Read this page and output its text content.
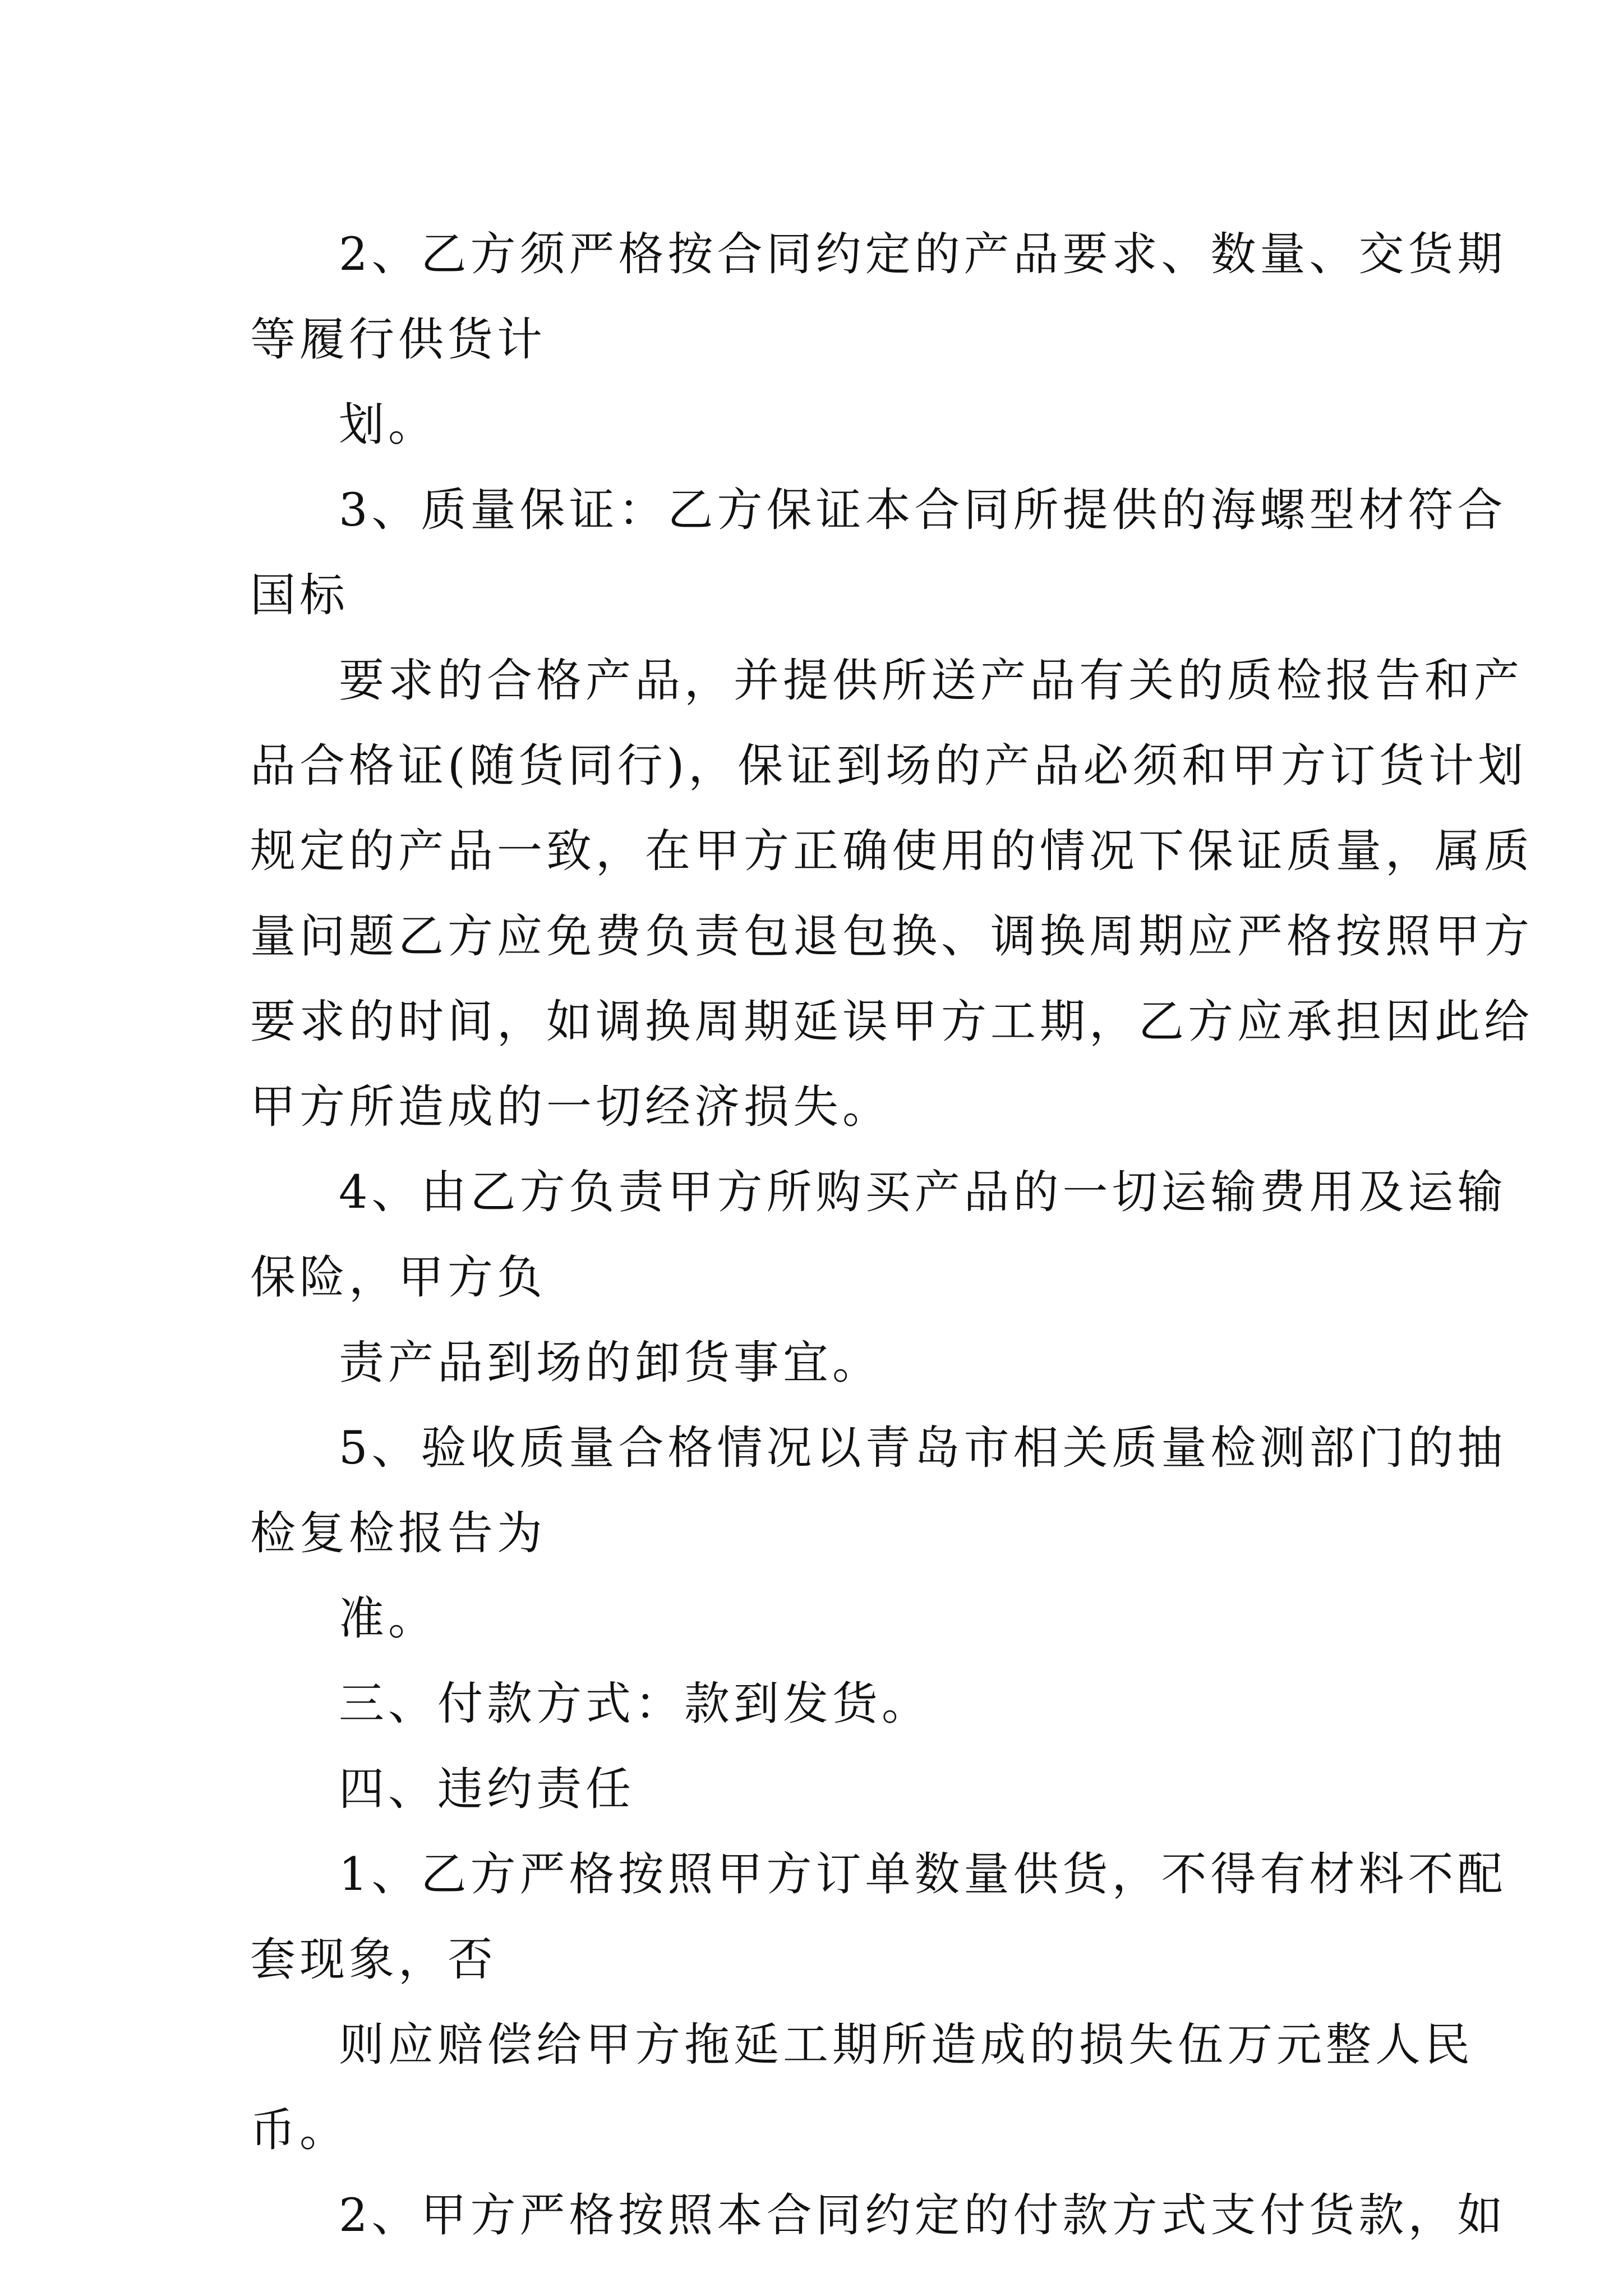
2、乙方须严格按合同约定的产品要求、数量、交货期
等履行供货计
划。
3、质量保证：乙方保证本合同所提供的海螺型材符合
国标
要求的合格产品，并提供所送产品有关的质检报告和产
品合格证(随货同行)，保证到场的产品必须和甲方订货计划
规定的产品一致，在甲方正确使用的情况下保证质量，属质
量问题乙方应免费负责包退包换、调换周期应严格按照甲方
要求的时间，如调换周期延误甲方工期，乙方应承担因此给
甲方所造成的一切经济损失。
4、由乙方负责甲方所购买产品的一切运输费用及运输
保险，甲方负
责产品到场的卸货事宜。
5、验收质量合格情况以青岛市相关质量检测部门的抽
检复检报告为
准。
三、付款方式：款到发货。
四、违约责任
1、乙方严格按照甲方订单数量供货，不得有材料不配
套现象，否
则应赔偿给甲方拖延工期所造成的损失伍万元整人民
币。
2、甲方严格按照本合同约定的付款方式支付货款，如
